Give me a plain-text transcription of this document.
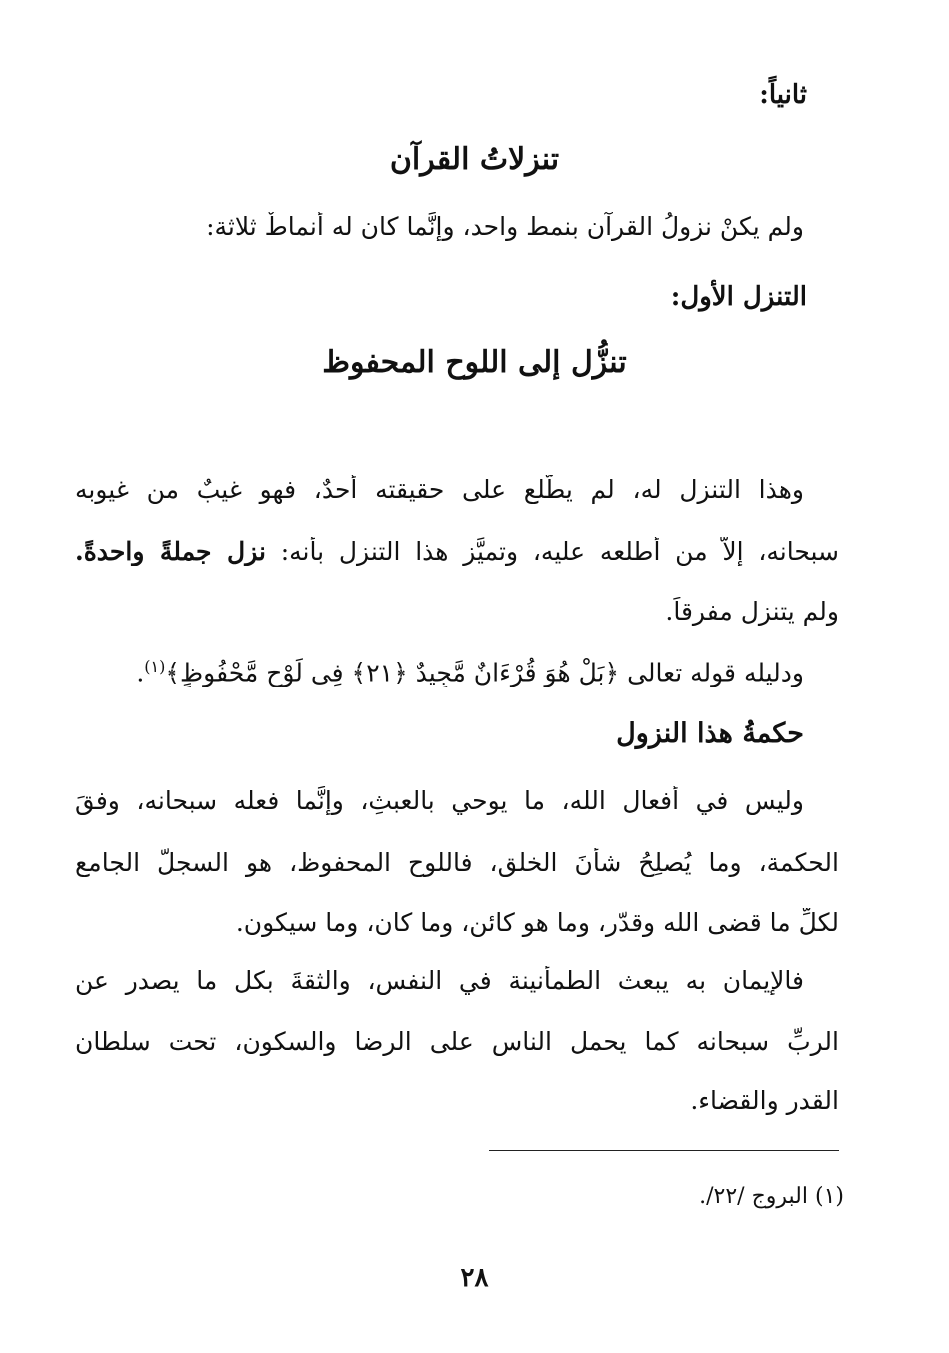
ثانياً:
تنزلاتُ القرآن
ولم يكنْ نزولُ القرآن بنمط واحد، وإنَّما كان له أنماطٌ ثلاثة:
التنزل الأول:
تنزُّل إلى اللوح المحفوظ
وهذا التنزل له، لم يطَّلع على حقيقته أحدٌ، فهو غيبٌ من غيوبه
سبحانه، إلاَّ من أطلعه عليه، وتميَّز هذا التنزل بأنه: نزل جملةً واحدةً.
ولم يتنزل مفرقاً.
ودليله قوله تعالى ﴿بَلْ هُوَ قُرْءَانٌ مَّجِيدٌ ﴿٢١﴾ فِى لَوْحٍ مَّحْفُوظٍ﴾$^{(١)}$.
حكمةُ هذا النزول
وليس في أفعال الله، ما يوحي بالعبثِ، وإنَّما فعله سبحانه، وفقَ
الحكمة، وما يُصلِحُ شأنَ الخلق، فاللوح المحفوظ، هو السجلُّ الجامع
لكلِّ ما قضى الله وقدّر، وما هو كائن، وما كان، وما سيكون.
فالإيمان به يبعث الطمأنينة في النفس، والثقةَ بكل ما يصدر عن
الربِّ سبحانه كما يحمل الناس على الرضا والسكون، تحت سلطان
القدر والقضاء.
(١) البروج /٢٢/.
٢٨
